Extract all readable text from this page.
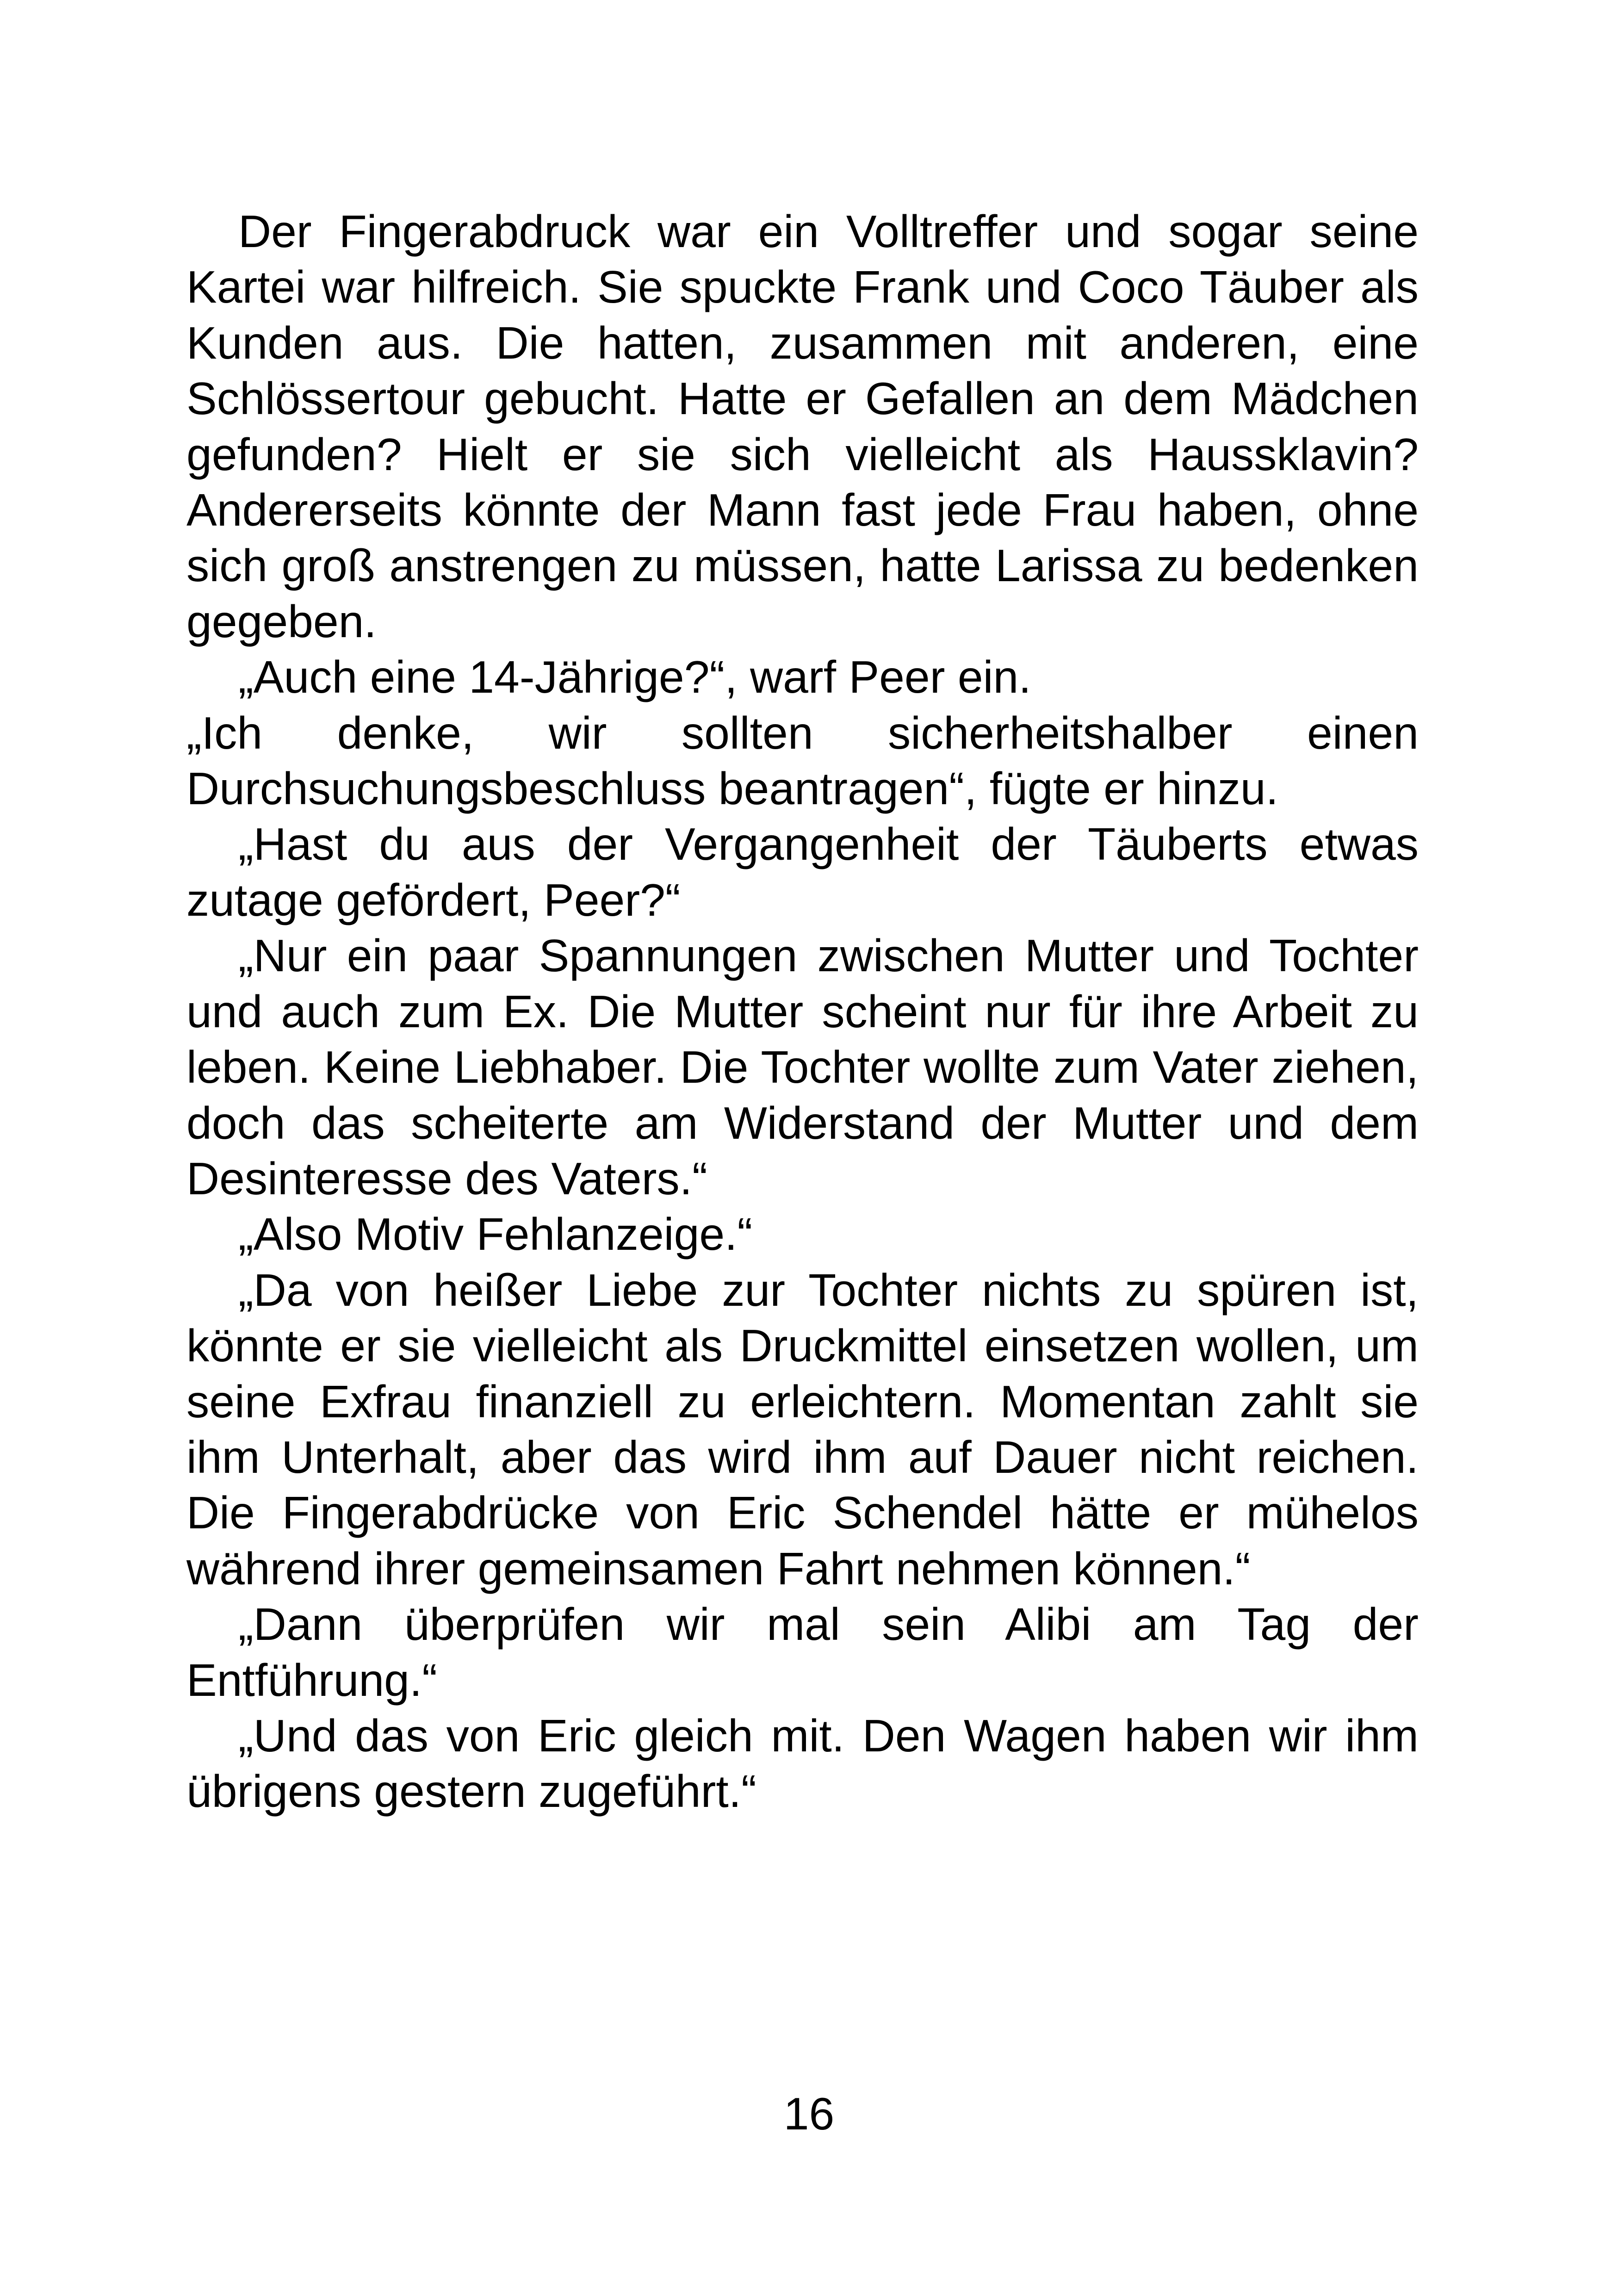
Der Fingerabdruck war ein Volltreffer und sogar seine Kartei war hilfreich. Sie spuckte Frank und Coco Täuber als Kunden aus. Die hatten, zusammen mit anderen, eine Schlössertour gebucht. Hatte er Gefallen an dem Mädchen gefunden? Hielt er sie sich vielleicht als Haussklavin? Andererseits könnte der Mann fast jede Frau haben, ohne sich groß anstrengen zu müssen, hatte Larissa zu bedenken gegeben.

„Auch eine 14-Jährige?“, warf Peer ein.

„Ich denke, wir sollten sicherheitshalber einen Durchsuchungsbeschluss beantragen“, fügte er hinzu.

„Hast du aus der Vergangenheit der Täuberts etwas zutage gefördert, Peer?“

„Nur ein paar Spannungen zwischen Mutter und Tochter und auch zum Ex. Die Mutter scheint nur für ihre Arbeit zu leben. Keine Liebhaber. Die Tochter wollte zum Vater ziehen, doch das scheiterte am Widerstand der Mutter und dem Desinteresse des Vaters.“

„Also Motiv Fehlanzeige.“

„Da von heißer Liebe zur Tochter nichts zu spüren ist, könnte er sie vielleicht als Druckmittel einsetzen wollen, um seine Exfrau finanziell zu erleichtern. Momentan zahlt sie ihm Unterhalt, aber das wird ihm auf Dauer nicht reichen. Die Fingerabdrücke von Eric Schendel hätte er mühelos während ihrer gemeinsamen Fahrt nehmen können.“

„Dann überprüfen wir mal sein Alibi am Tag der Entführung.“

„Und das von Eric gleich mit. Den Wagen haben wir ihm übrigens gestern zugeführt.“

16
